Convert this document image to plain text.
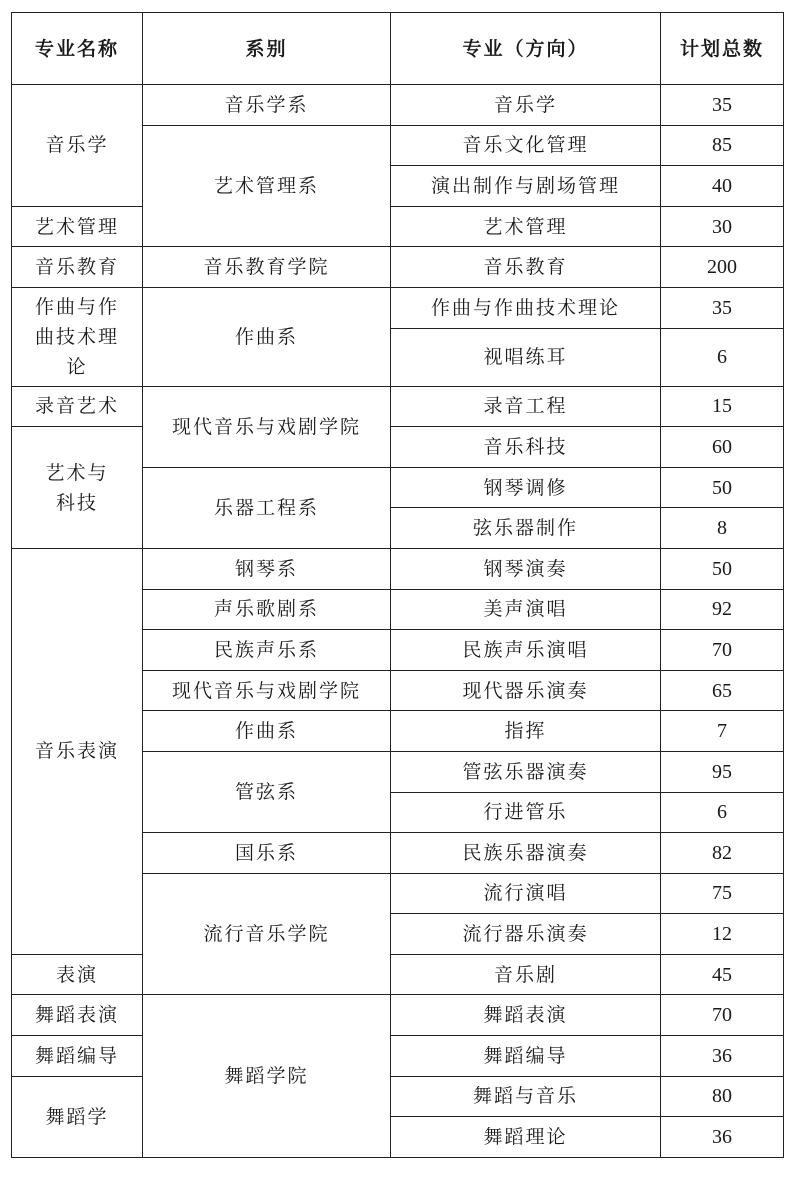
专业名称	系别	专业（方向）	计划总数
音乐学	音乐学系	音乐学	35
	艺术管理系	音乐文化管理	85
		演出制作与剧场管理	40
艺术管理		艺术管理	30
音乐教育	音乐教育学院	音乐教育	200
作曲与作曲技术理论	作曲系	作曲与作曲技术理论	35
		视唱练耳	6
录音艺术	现代音乐与戏剧学院	录音工程	15
艺术与科技		音乐科技	60
	乐器工程系	钢琴调修	50
		弦乐器制作	8
音乐表演	钢琴系	钢琴演奏	50
	声乐歌剧系	美声演唱	92
	民族声乐系	民族声乐演唱	70
	现代音乐与戏剧学院	现代器乐演奏	65
	作曲系	指挥	7
	管弦系	管弦乐器演奏	95
		行进管乐	6
	国乐系	民族乐器演奏	82
	流行音乐学院	流行演唱	75
		流行器乐演奏	12
表演		音乐剧	45
舞蹈表演	舞蹈学院	舞蹈表演	70
舞蹈编导		舞蹈编导	36
舞蹈学		舞蹈与音乐	80
		舞蹈理论	36
